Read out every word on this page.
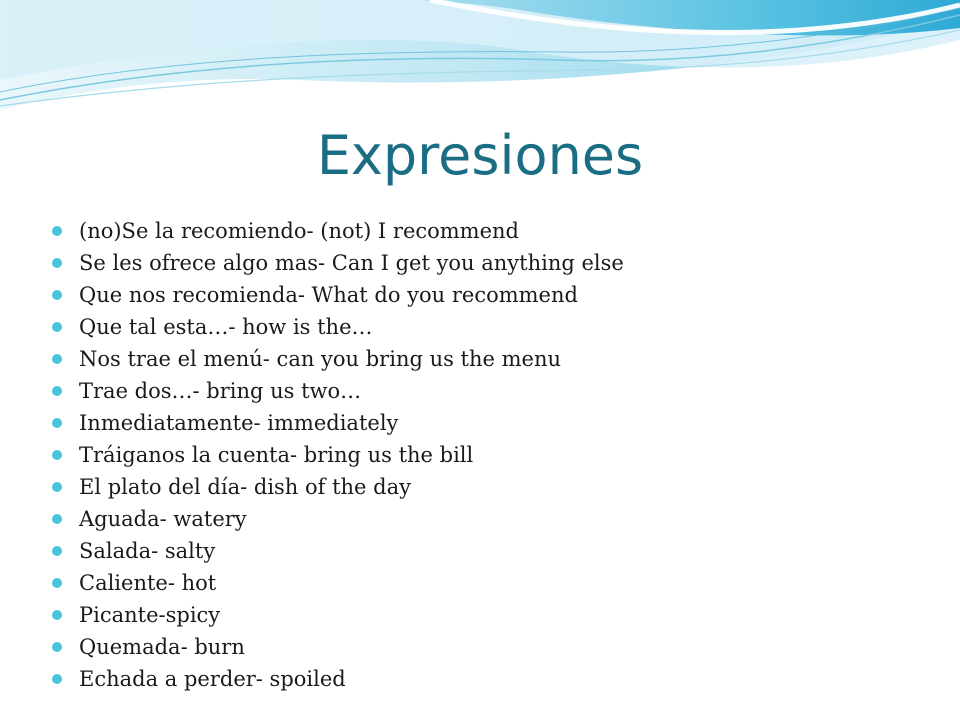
Expresiones
(no)Se la recomiendo- (not) I recommend
Se les ofrece algo mas- Can I get you anything else
Que nos recomienda- What do you recommend
Que tal esta…- how is the…
Nos trae el menú- can you bring us the menu
Trae dos…- bring us two…
Inmediatamente- immediately
Tráiganos la cuenta- bring us the bill
El plato del día- dish of the day
Aguada- watery
Salada- salty
Caliente- hot
Picante-spicy
Quemada- burn
Echada a perder- spoiled
